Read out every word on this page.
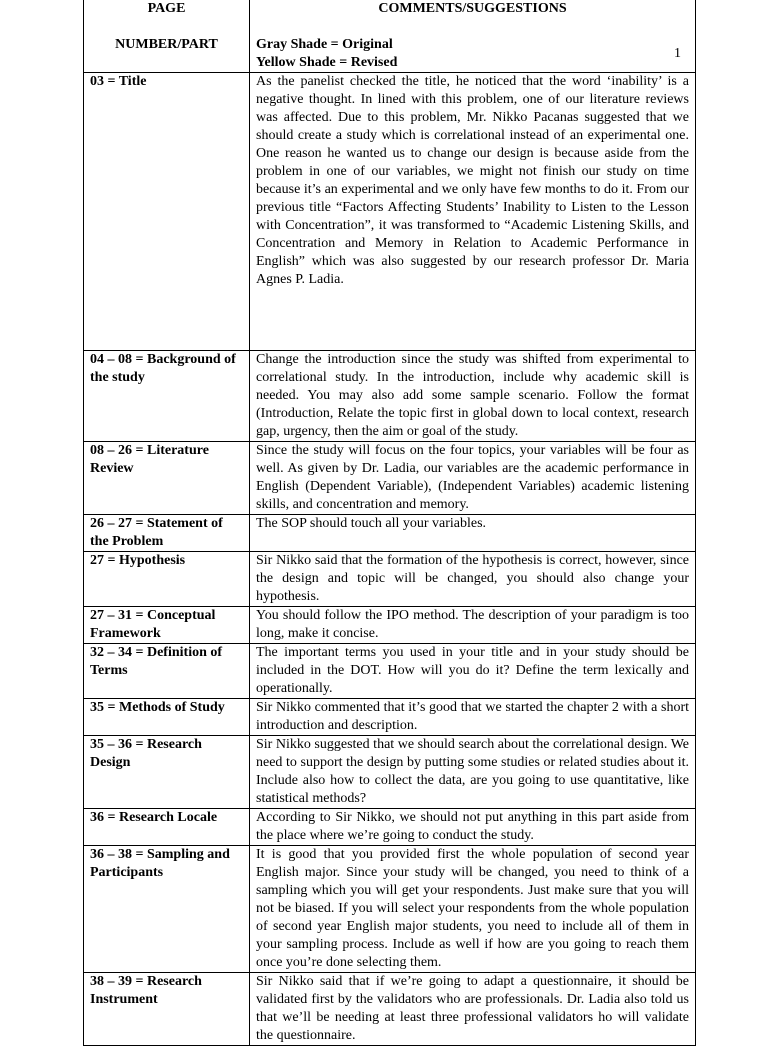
PAGE
NUMBER/PART	COMMENTS/SUGGESTIONS
Gray Shade = Original
Yellow Shade = Revised
1

03 = Title	As the panelist checked the title, he noticed that the word ‘inability’ is a negative thought. In lined with this problem, one of our literature reviews was affected. Due to this problem, Mr. Nikko Pacanas suggested that we should create a study which is correlational instead of an experimental one. One reason he wanted us to change our design is because aside from the problem in one of our variables, we might not finish our study on time because it’s an experimental and we only have few months to do it. From our previous title “Factors Affecting Students’ Inability to Listen to the Lesson with Concentration”, it was transformed to “Academic Listening Skills, and Concentration and Memory in Relation to Academic Performance in English” which was also suggested by our research professor Dr. Maria Agnes P. Ladia.
04 – 08 = Background of the study	Change the introduction since the study was shifted from experimental to correlational study. In the introduction, include why academic skill is needed. You may also add some sample scenario. Follow the format (Introduction, Relate the topic first in global down to local context, research gap, urgency, then the aim or goal of the study.
08 – 26 = Literature Review	Since the study will focus on the four topics, your variables will be four as well. As given by Dr. Ladia, our variables are the academic performance in English (Dependent Variable), (Independent Variables) academic listening skills, and concentration and memory.
26 – 27 = Statement of the Problem	The SOP should touch all your variables.
27 = Hypothesis	Sir Nikko said that the formation of the hypothesis is correct, however, since the design and topic will be changed, you should also change your hypothesis.
27 – 31 = Conceptual Framework	You should follow the IPO method. The description of your paradigm is too long, make it concise.
32 – 34 = Definition of Terms	The important terms you used in your title and in your study should be included in the DOT. How will you do it? Define the term lexically and operationally.
35 = Methods of Study	Sir Nikko commented that it’s good that we started the chapter 2 with a short introduction and description.
35 – 36 = Research Design	Sir Nikko suggested that we should search about the correlational design. We need to support the design by putting some studies or related studies about it. Include also how to collect the data, are you going to use quantitative, like statistical methods?
36 = Research Locale	According to Sir Nikko, we should not put anything in this part aside from the place where we’re going to conduct the study.
36 – 38 = Sampling and Participants	It is good that you provided first the whole population of second year English major. Since your study will be changed, you need to think of a sampling which you will get your respondents. Just make sure that you will not be biased. If you will select your respondents from the whole population of second year English major students, you need to include all of them in your sampling process. Include as well if how are you going to reach them once you’re done selecting them.
38 – 39 = Research Instrument	Sir Nikko said that if we’re going to adapt a questionnaire, it should be validated first by the validators who are professionals. Dr. Ladia also told us that we’ll be needing at least three professional validators ho will validate the questionnaire.
